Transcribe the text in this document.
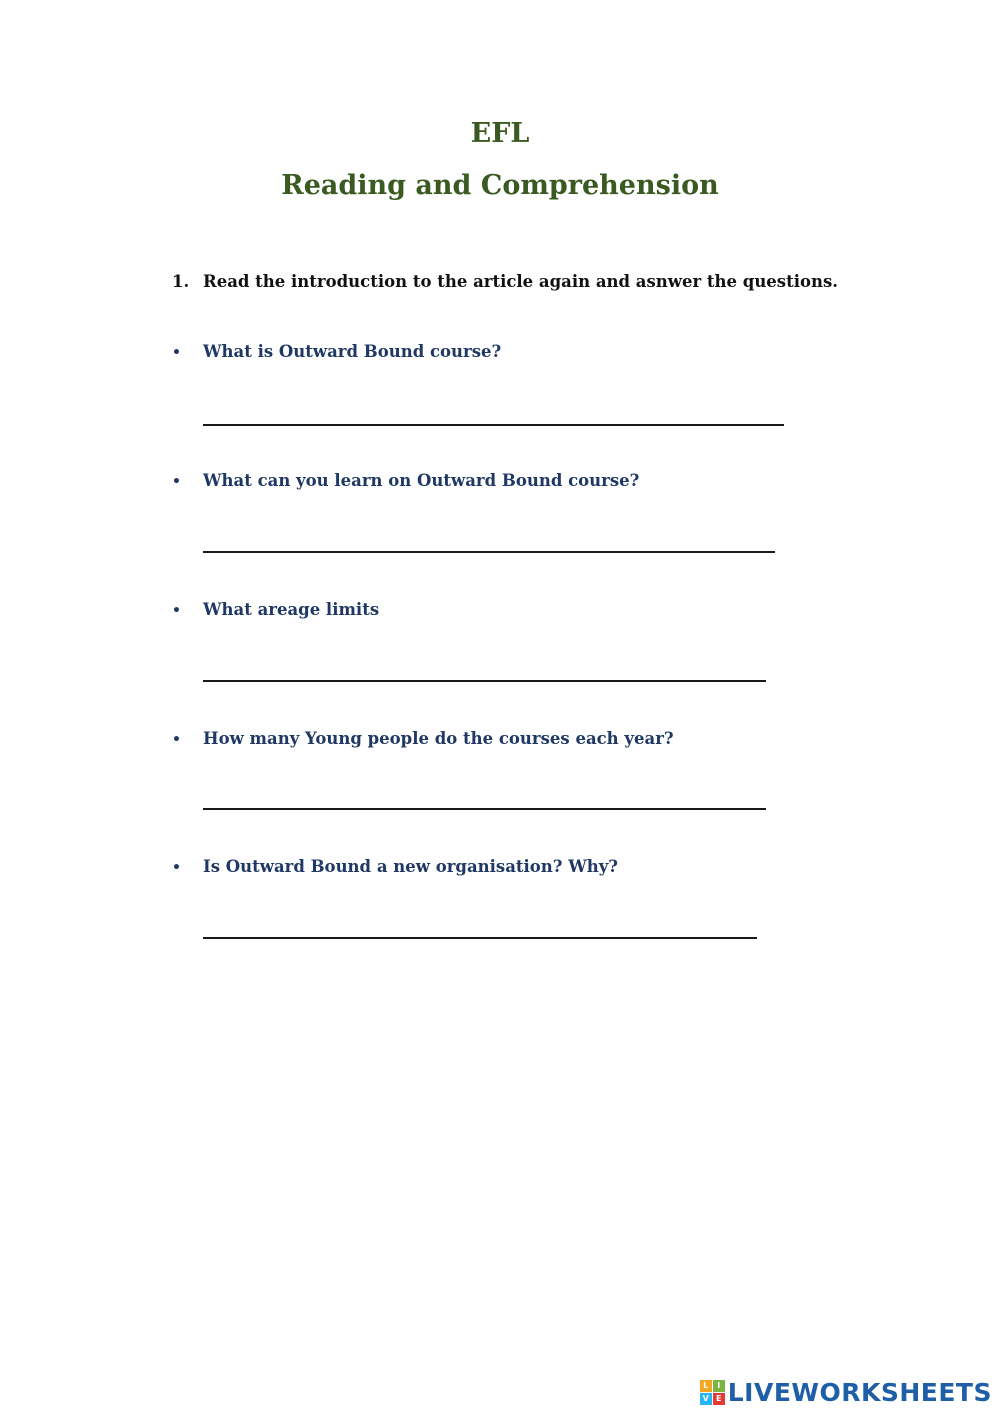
EFL
Reading and Comprehension
1. Read the introduction to the article again and asnwer the questions.
• What is Outward Bound course?
• What can you learn on Outward Bound course?
• What areage limits
• How many Young people do the courses each year?
• Is Outward Bound a new organisation? Why?
L	I
V E LIVEWORKSHEETS
